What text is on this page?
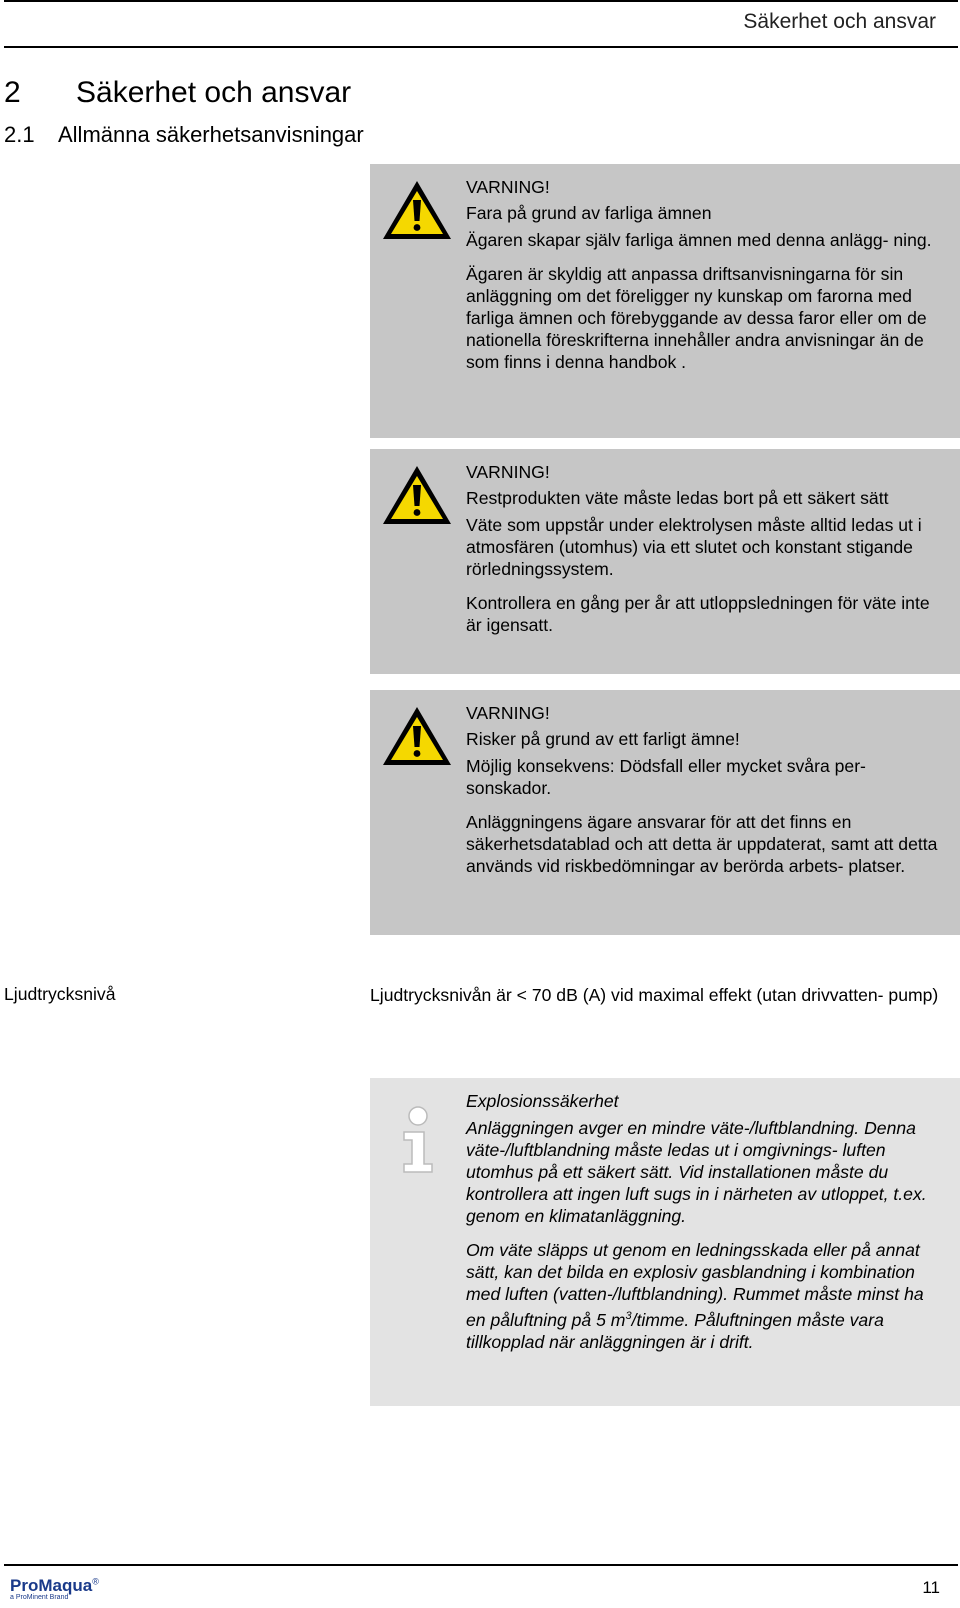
Säkerhet och ansvar
2 Säkerhet och ansvar
2.1 Allmänna säkerhetsanvisningar

VARNING!

Fara på grund av farliga ämnen

Ägaren skapar själv farliga ämnen med denna anlägg- ning.

Ägaren är skyldig att anpassa driftsanvisningarna för sin anläggning om det föreligger ny kunskap om farorna med farliga ämnen och förebyggande av dessa faror eller om de nationella föreskrifterna innehåller andra anvisningar än de som finns i denna handbok .

VARNING!

Restprodukten väte måste ledas bort på ett säkert sätt

Väte som uppstår under elektrolysen måste alltid ledas ut i atmosfären (utomhus) via ett slutet och konstant stigande rörledningssystem.

Kontrollera en gång per år att utloppsledningen för väte inte är igensatt.

VARNING!

Risker på grund av ett farligt ämne!

Möjlig konsekvens: Dödsfall eller mycket svåra per- sonskador.

Anläggningens ägare ansvarar för att det finns en säkerhetsdatablad och att detta är uppdaterat, samt att detta används vid riskbedömningar av berörda arbets- platser.

Ljudtrycksnivå	Ljudtrycksnivån är < 70 dB (A) vid maximal effekt (utan drivvatten- pump)

Explosionssäkerhet

Anläggningen avger en mindre väte-/luftblandning. Denna väte-/luftblandning måste ledas ut i omgivnings- luften utomhus på ett säkert sätt. Vid installationen måste du kontrollera att ingen luft sugs in i närheten av utloppet, t.ex. genom en klimatanläggning.

Om väte släpps ut genom en ledningsskada eller på annat sätt, kan det bilda en explosiv gasblandning i kombination med luften (vatten-/luftblandning). Rummet måste minst ha en påluftning på 5 $m^3$/timme. Påluftningen måste vara tillkopplad när anläggningen är i drift.

ProMaqua®
a ProMinent Brand
11
